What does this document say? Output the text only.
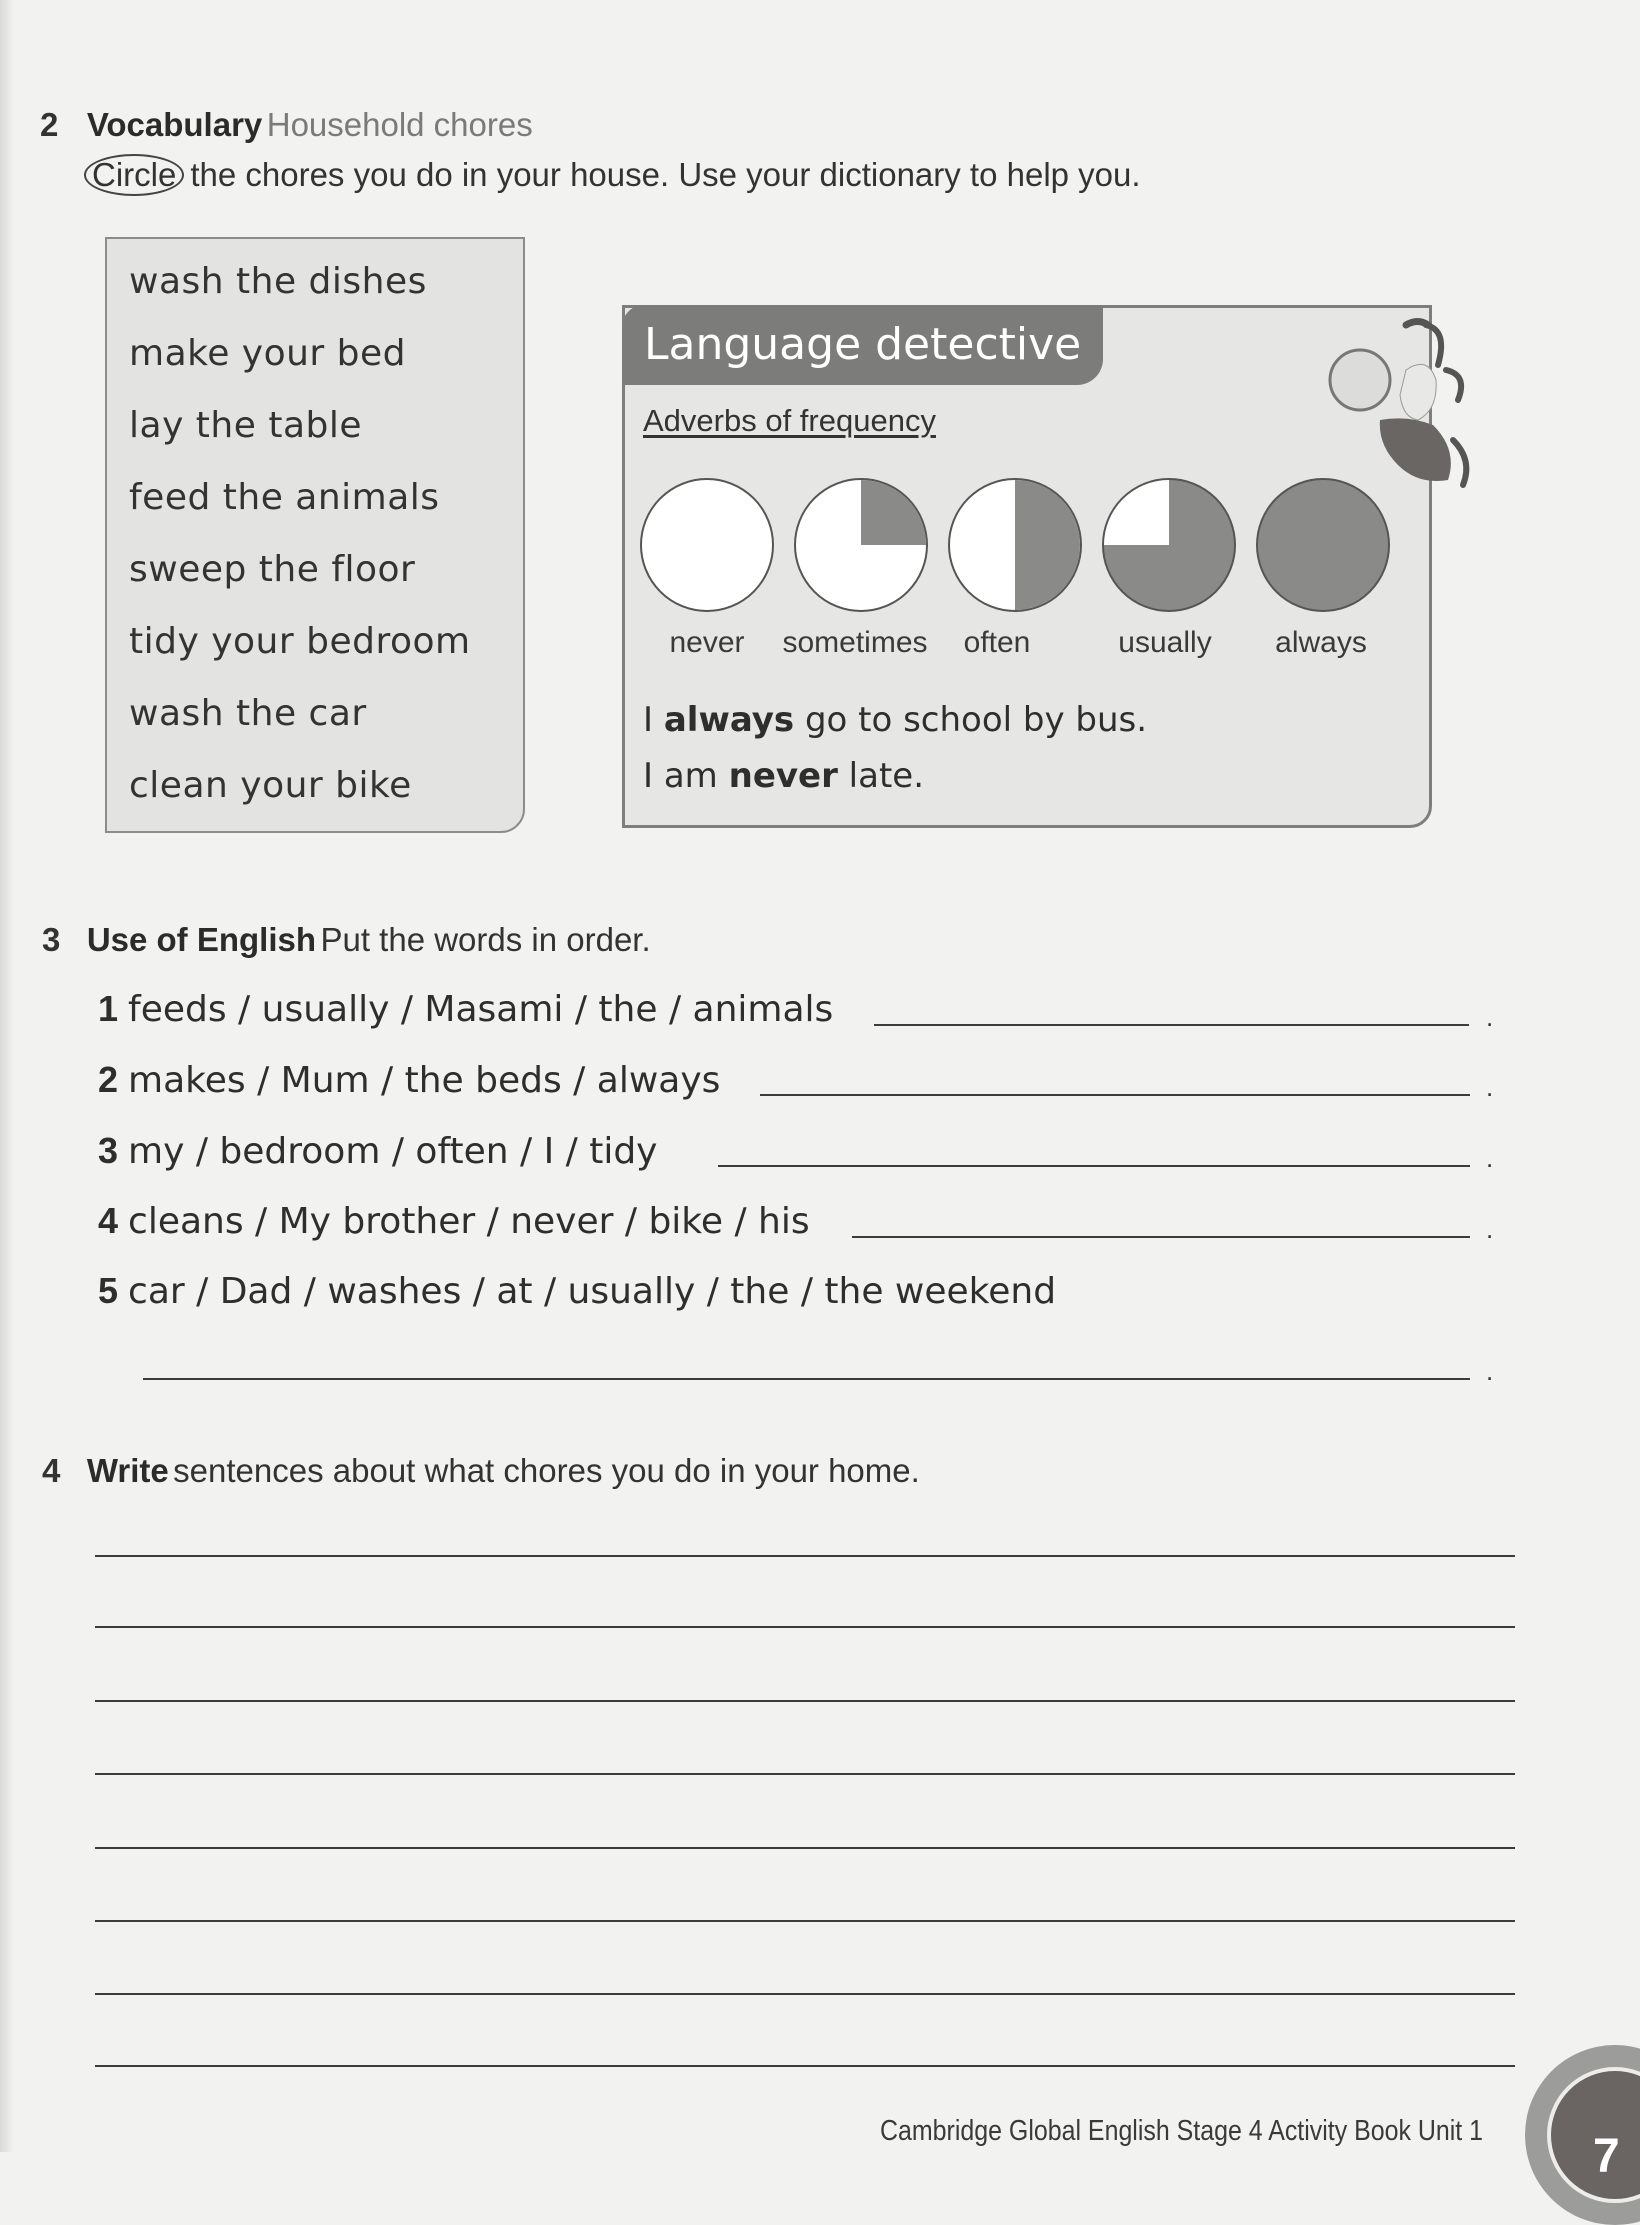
2 Vocabulary Household chores
Circle the chores you do in your house. Use your dictionary to help you.
wash the dishes
make your bed
lay the table
feed the animals
sweep the floor
tidy your bedroom
wash the car
clean your bike
Language detective
Adverbs of frequency
never sometimes often	usually always
I always go to school by bus.
I am never late.
3 Use of English Put the words in order.
1 feeds / usually / Masami / the / animals	.
2 makes / Mum / the beds / always	.
3 my / bedroom / often / I / tidy	.
4 cleans / My brother / never / bike / his	.
5 car / Dad / washes / at / usually / the / the weekend
.
4 Write sentences about what chores you do in your home.
Cambridge Global English Stage 4 Activity Book Unit 1 7
